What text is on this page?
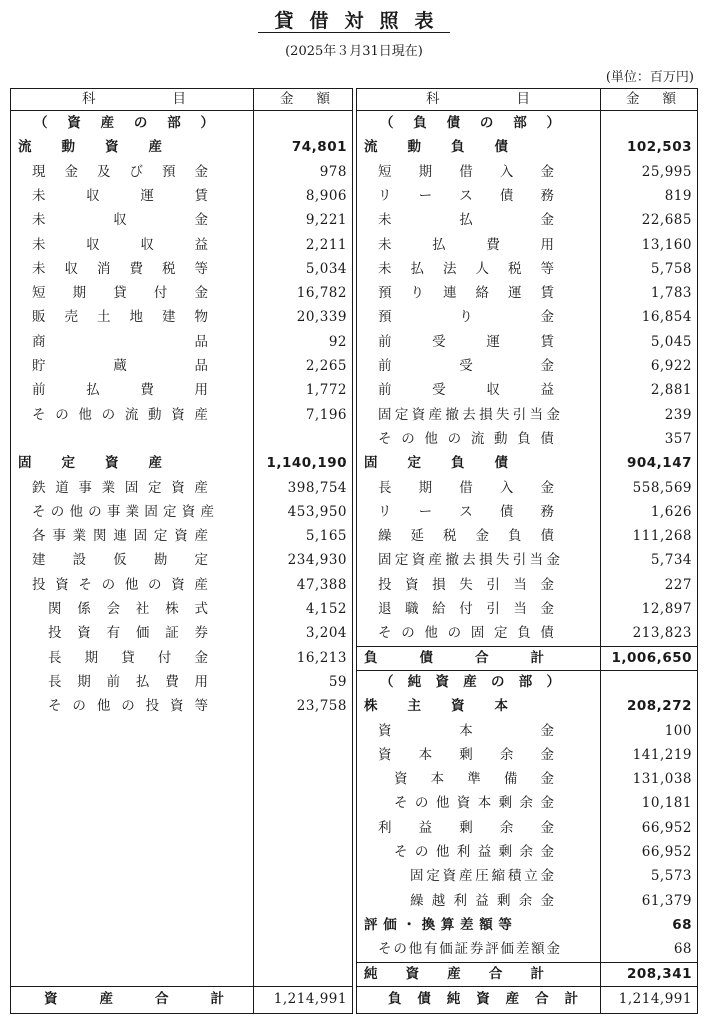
貸借対照表
(2025年３月31日現在)
(単位：百万円)
科	目	金 額	科	目	金 額
（ 資 産 の 部 ）
流 動 資 産	74,801
現 金 及 び 預 金	978
未	収	運	賃	8,906
未	収	金	9,221
未	収	収	益	2,211
未 収 消 費 税 等	5,034
短 期 貸 付 金	16,782
販 売 土 地 建 物	20,339
商	品	92
貯	蔵	品	2,265
前	払	費	用	1,772
そ の 他 の 流 動 資 産	7,196
固 定 資 産	1,140,190
鉄 道 事 業 固 定 資 産	398,754
そ の 他 の 事 業 固 定 資 産	453,950
各 事 業 関 連 固 定 資 産	5,165
建 設 仮 勘 定	234,930
投 資 そ の 他 の 資 産	47,388
関 係 会 社 株 式	4,152
投 資 有 価 証 券	3,204
長 期 貸 付 金	16,213
長 期 前 払 費 用	59
そ の 他 の 投 資 等	23,758
（ 負 債 の 部 ）
流 動 負 債	102,503
短 期 借 入 金	25,995
リ ー ス 債 務	819
未	払	金	22,685
未	払	費	用	13,160
未 払 法 人 税 等	5,758
預 り 連 絡 運 賃	1,783
預	り	金	16,854
前	受	運	賃	5,045
前	受	金	6,922
前	受	収	益	2,881
固 定 資 産 撤 去 損 失 引 当 金	239
そ の 他 の 流 動 負 債	357
固 定 負 債	904,147
長 期 借 入 金	558,569
リ ー ス 債 務	1,626
繰 延 税 金 負 債	111,268
固 定 資 産 撤 去 損 失 引 当 金	5,734
投 資 損 失 引 当 金	227
退 職 給 付 引 当 金	12,897
そ の 他 の 固 定 負 債	213,823
負	債	合	計	1,006,650
（ 純 資 産 の 部 ）
株 主 資 本	208,272
資	本	金	100
資 本 剰 余 金	141,219
資 本 準 備 金	131,038
そ の 他 資 本 剰 余 金	10,181
利 益 剰 余 金	66,952
そ の 他 利 益 剰 余 金	66,952
固 定 資 産 圧 縮 積 立 金	5,573
繰 越 利 益 剰 余 金	61,379
評 価 ・ 換 算 差 額 等	68
そ の 他 有 価 証 券 評 価 差 額 金	68
純 資 産 合 計	208,341
資	産	合	計	1,214,991	負 債 純 資 産 合 計	1,214,991
